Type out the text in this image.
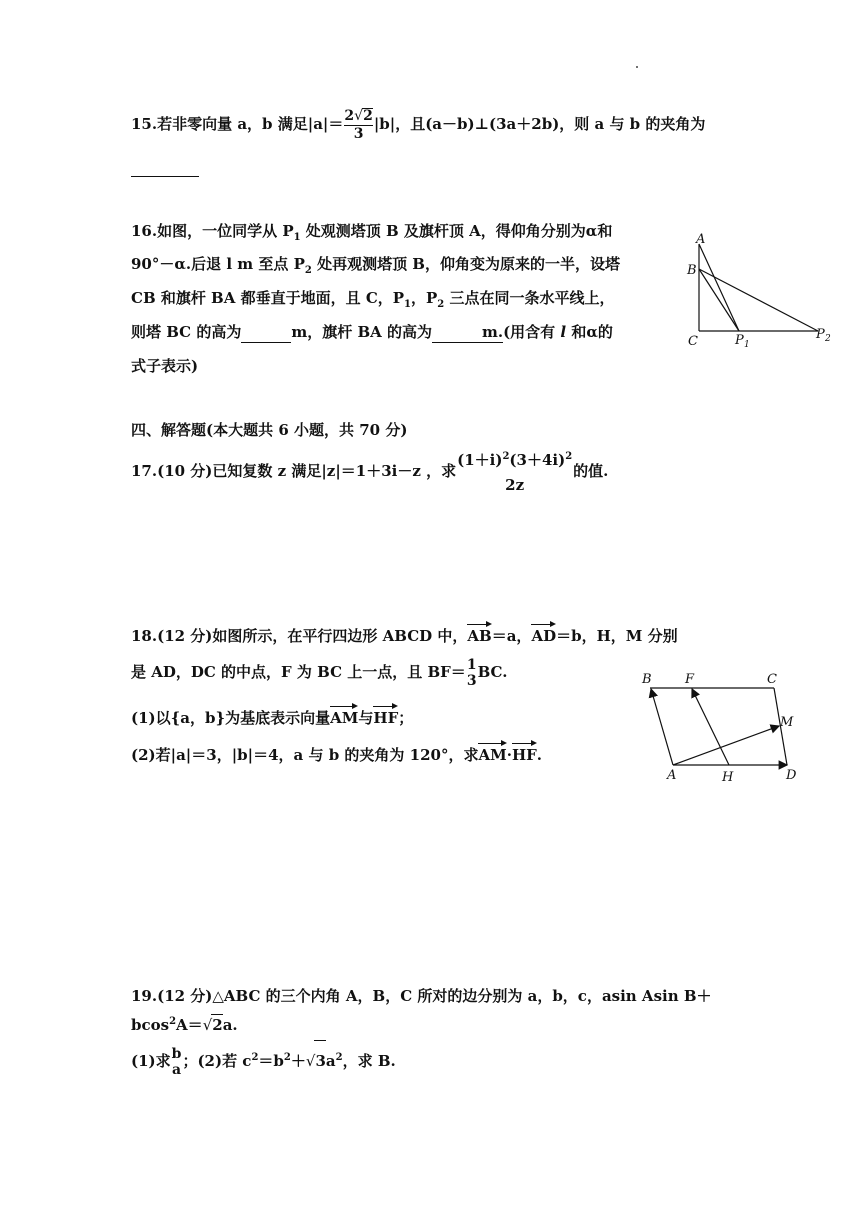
15.若非零向量 a，b 满足$|a|= \frac{2√2}{3} |b|$，且(a－b)⊥(3a＋2b)，则 a 与 b 的夹角为
16.如图，一位同学从 $P_1$ 处观测塔顶 B 及旗杆顶 A，得仰角分别为α和
90°－α.后退 l m 至点 $P_2$ 处再观测塔顶 B，仰角变为原来的一半，设塔
CB 和旗杆 BA 都垂直于地面，且 C，$P_1$，$P_2$ 三点在同一条水平线上，
则塔 BC 的高为	m，旗杆 BA 的高为	m.(用含有 l 和α的
式子表示)
A
B
C	P 1
P 2
四、解答题(本大题共 6 小题，共 70 分)
17.(10 分)已知复数 z 满足|z|＝1＋3i－z ，求
$(1+i)^2(3+4i)^2$
2z
的值.
18.(12 分)如图所示，在平行四边形 ABCD 中，AB＝a，AD＝b，H，M 分别
是 AD，DC 的中点，F 为 BC 上一点，且 BF＝ 1
3 BC.
(1)以{a，b}为基底表示向量AM与HF；
(2)若|a|＝3，|b|＝4，a 与 b 的夹角为 120°，求AM·HF.
B	F	C
M
A	H	D
19.(12 分)△ABC 的三个内角 A，B，C 所对的边分别为 a，b，c，asin Asin B＋
bcos$^2$A＝√2a.
(1)求 b
a ；(2)若 $c^2=b^2+√3a^2$，求 B.
